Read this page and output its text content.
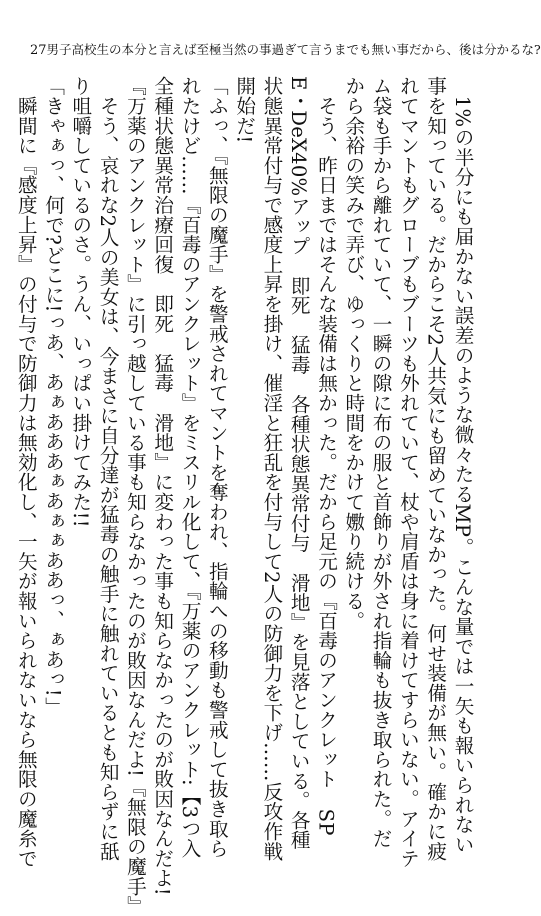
27 男子高校生の本分と言えば至極当然の事過ぎて言うまでも無い事だから、後は分かるな?
　1%の半分にも届かない誤差のような微々たるMP。こんな量では一矢も報いられない
事を知っている。だからこそ2人共気にも留めていなかった。何せ装備が無い。確かに疲
れてマントもグローブもブーツも外れていて、杖や肩盾は身に着けてすらいない。アイテ
ム袋も手から離れていて、一瞬の隙に布の服と首飾りが外され指輪も抜き取られた。だ
から余裕の笑みで弄び、ゆっくりと時間をかけて嫐り続ける。
　そう、昨日まではそんな装備は無かった。だから足元の『百毒のアンクレット　SP
E・DeX40%アップ　即死　猛毒　各種状態異常付与　滑地』を見落としている。各種
状態異常付与で感度上昇を掛け、催淫と狂乱を付与して2人の防御力を下げ……反攻作戦
開始だ!
「ふっ、『無限の魔手』を警戒されてマントを奪われ、指輪への移動も警戒して抜き取ら
れたけど……『百毒のアンクレット』をミスリル化して、『万薬のアンクレット:【3つ入
全種状態異常治療回復　即死　猛毒　滑地』に変わった事も知らなかったのが敗因なんだよ!
『万薬のアンクレット』に引っ越している事も知らなかったのが敗因なんだよ!『無限の魔手』
　そう、哀れな2人の美女は、今まさに自分達が猛毒の触手に触れているとも知らずに舐
り咀嚼しているのさ。うん、いっぱい掛けてみた!!
「きゃぁっ、何で?どこに!っあ、あぁあああぁあぁぁああっ、ぁあっ!」
　瞬間に『感度上昇』の付与で防御力は無効化し、一矢が報いられないなら無限の魔糸で
